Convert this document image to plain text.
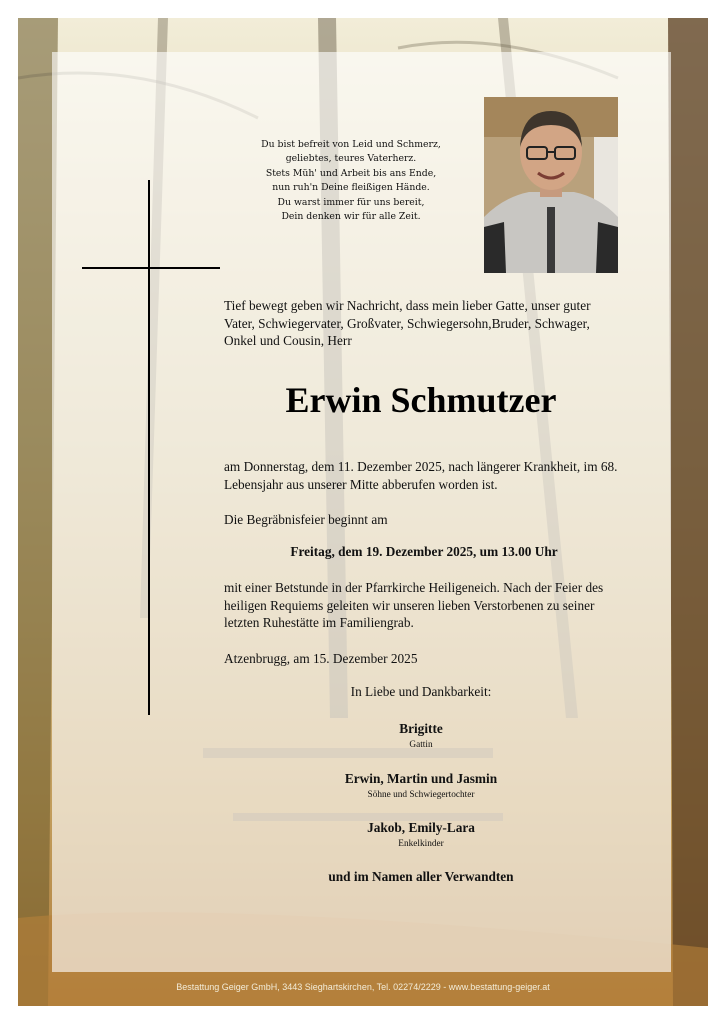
Du bist befreit von Leid und Schmerz,
geliebtes, teures Vaterherz.
Stets Müh' und Arbeit bis ans Ende,
nun ruh'n Deine fleißigen Hände.
Du warst immer für uns bereit,
Dein denken wir für alle Zeit.
Tief bewegt geben wir Nachricht, dass mein lieber Gatte, unser guter Vater, Schwiegervater, Großvater, Schwiegersohn,Bruder, Schwager, Onkel und Cousin, Herr
Erwin Schmutzer
am Donnerstag, dem 11. Dezember 2025, nach längerer Krankheit, im 68. Lebensjahr aus unserer Mitte abberufen worden ist.
Die Begräbnisfeier beginnt am
Freitag, dem 19. Dezember 2025, um 13.00 Uhr
mit einer Betstunde in der Pfarrkirche Heiligeneich. Nach der Feier des heiligen Requiems geleiten wir unseren lieben Verstorbenen zu seiner letzten Ruhestätte im Familiengrab.
Atzenbrugg, am 15. Dezember 2025
In Liebe und Dankbarkeit:
Brigitte
Gattin
Erwin, Martin und Jasmin
Söhne und Schwiegertochter
Jakob, Emily-Lara
Enkelkinder
und im Namen aller Verwandten
Bestattung Geiger GmbH, 3443 Sieghartskirchen, Tel. 02274/2229 - www.bestattung-geiger.at
